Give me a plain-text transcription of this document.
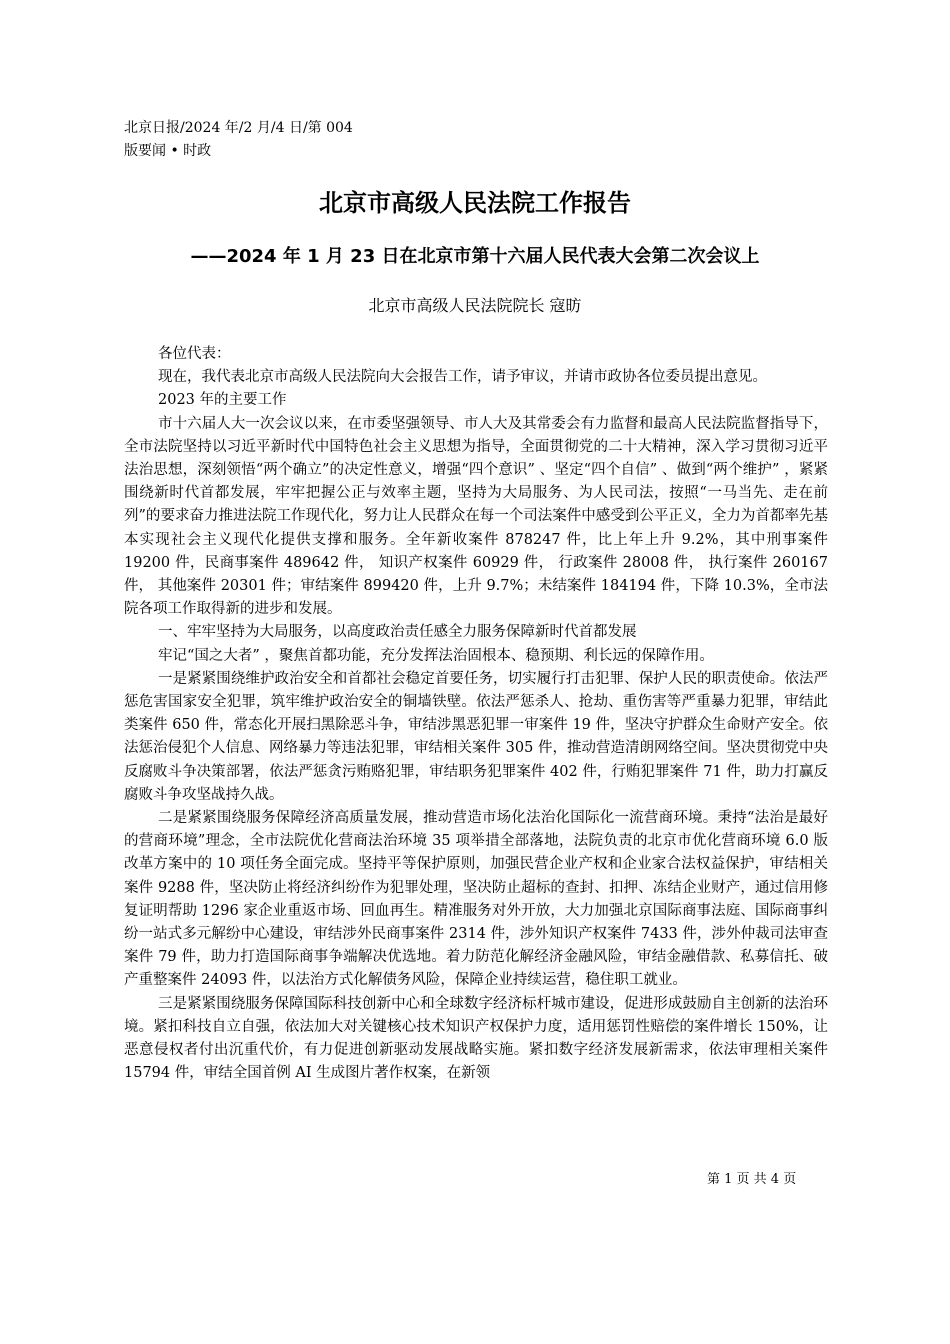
北京日报/2024 年/2 月/4 日/第 004
版要闻 • 时政
北京市高级人民法院工作报告
——2024 年 1 月 23 日在北京市第十六届人民代表大会第二次会议上
北京市高级人民法院院长 寇昉

各位代表：

现在，我代表北京市高级人民法院向大会报告工作，请予审议，并请市政协各位委员提出意见。

2023 年的主要工作

市十六届人大一次会议以来，在市委坚强领导、市人大及其常委会有力监督和最高人民法院监督指导下，全市法院坚持以习近平新时代中国特色社会主义思想为指导，全面贯彻党的二十大精神，深入学习贯彻习近平法治思想，深刻领悟“两个确立”的决定性意义，增强“四个意识” 、坚定“四个自信” 、做到“两个维护” ，紧紧围绕新时代首都发展，牢牢把握公正与效率主题，坚持为大局服务、为人民司法，按照“一马当先、走在前列”的要求奋力推进法院工作现代化，努力让人民群众在每一个司法案件中感受到公平正义，全力为首都率先基本实现社会主义现代化提供支撑和服务。全年新收案件 878247 件，比上年上升 9.2%，其中刑事案件 19200 件，民商事案件 489642 件， 知识产权案件 60929 件， 行政案件 28008 件， 执行案件 260167 件， 其他案件 20301 件；审结案件 899420 件，上升 9.7%；未结案件 184194 件，下降 10.3%，全市法院各项工作取得新的进步和发展。

一、牢牢坚持为大局服务，以高度政治责任感全力服务保障新时代首都发展

牢记“国之大者” ，聚焦首都功能，充分发挥法治固根本、稳预期、利长远的保障作用。

一是紧紧围绕维护政治安全和首都社会稳定首要任务，切实履行打击犯罪、保护人民的职责使命。依法严惩危害国家安全犯罪，筑牢维护政治安全的铜墙铁壁。依法严惩杀人、抢劫、重伤害等严重暴力犯罪，审结此类案件 650 件，常态化开展扫黑除恶斗争，审结涉黑恶犯罪一审案件 19 件，坚决守护群众生命财产安全。依法惩治侵犯个人信息、网络暴力等违法犯罪，审结相关案件 305 件，推动营造清朗网络空间。坚决贯彻党中央反腐败斗争决策部署，依法严惩贪污贿赂犯罪，审结职务犯罪案件 402 件，行贿犯罪案件 71 件，助力打赢反腐败斗争攻坚战持久战。

二是紧紧围绕服务保障经济高质量发展，推动营造市场化法治化国际化一流营商环境。秉持“法治是最好的营商环境”理念，全市法院优化营商法治环境 35 项举措全部落地，法院负责的北京市优化营商环境 6.0 版改革方案中的 10 项任务全面完成。坚持平等保护原则，加强民营企业产权和企业家合法权益保护，审结相关案件 9288 件，坚决防止将经济纠纷作为犯罪处理，坚决防止超标的查封、扣押、冻结企业财产，通过信用修复证明帮助 1296 家企业重返市场、回血再生。精准服务对外开放，大力加强北京国际商事法庭、国际商事纠纷一站式多元解纷中心建设，审结涉外民商事案件 2314 件，涉外知识产权案件 7433 件，涉外仲裁司法审查案件 79 件，助力打造国际商事争端解决优选地。着力防范化解经济金融风险，审结金融借款、私募信托、破产重整案件 24093 件，以法治方式化解债务风险，保障企业持续运营，稳住职工就业。

三是紧紧围绕服务保障国际科技创新中心和全球数字经济标杆城市建设，促进形成鼓励自主创新的法治环境。紧扣科技自立自强，依法加大对关键核心技术知识产权保护力度，适用惩罚性赔偿的案件增长 150%，让恶意侵权者付出沉重代价，有力促进创新驱动发展战略实施。紧扣数字经济发展新需求，依法审理相关案件 15794 件，审结全国首例 AI 生成图片著作权案，在新领

第 1 页 共 4 页
